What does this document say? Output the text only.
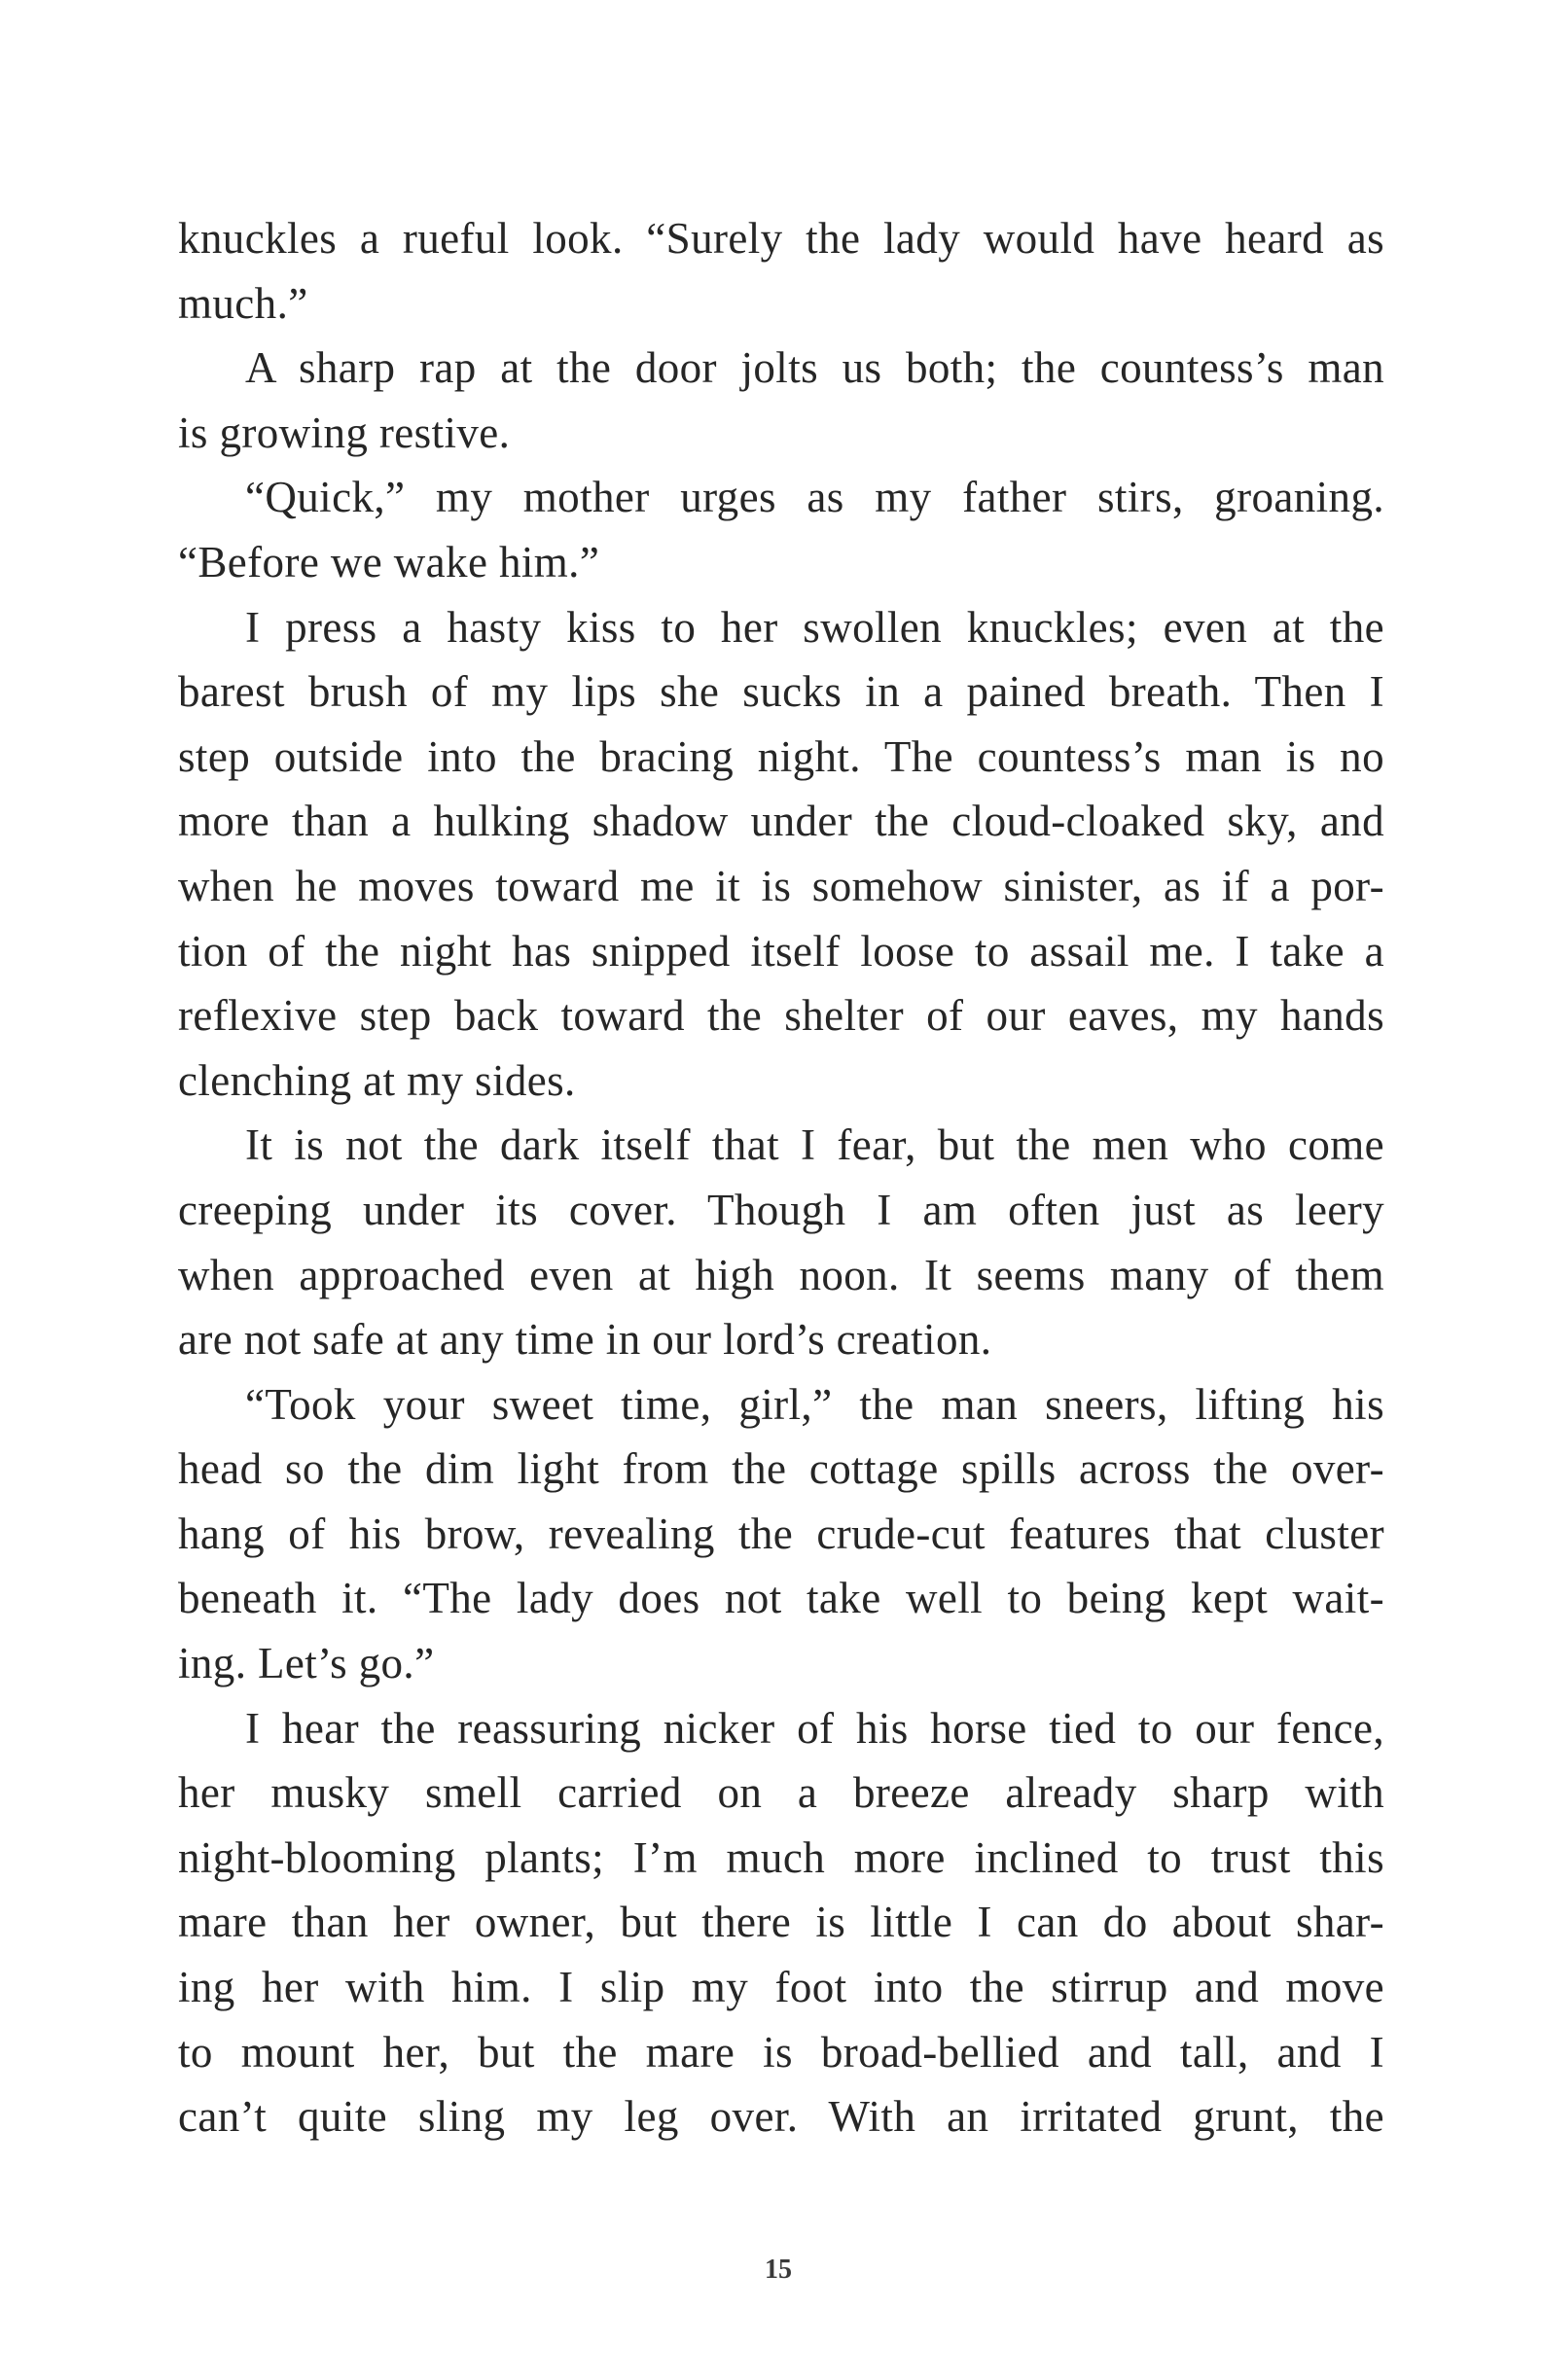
knuckles a rueful look. “Surely the lady would have heard as
much.”
A sharp rap at the door jolts us both; the countess’s man
is growing restive.
“Quick,” my mother urges as my father stirs, groaning.
“Before we wake him.”
I press a hasty kiss to her swollen knuckles; even at the
barest brush of my lips she sucks in a pained breath. Then I
step outside into the bracing night. The countess’s man is no
more than a hulking shadow under the cloud-cloaked sky, and
when he moves toward me it is somehow sinister, as if a por-
tion of the night has snipped itself loose to assail me. I take a
reflexive step back toward the shelter of our eaves, my hands
clenching at my sides.
It is not the dark itself that I fear, but the men who come
creeping under its cover. Though I am often just as leery
when approached even at high noon. It seems many of them
are not safe at any time in our lord’s creation.
“Took your sweet time, girl,” the man sneers, lifting his
head so the dim light from the cottage spills across the over-
hang of his brow, revealing the crude-cut features that cluster
beneath it. “The lady does not take well to being kept wait-
ing. Let’s go.”
I hear the reassuring nicker of his horse tied to our fence,
her musky smell carried on a breeze already sharp with
night-blooming plants; I’m much more inclined to trust this
mare than her owner, but there is little I can do about shar-
ing her with him. I slip my foot into the stirrup and move
to mount her, but the mare is broad-bellied and tall, and I
can’t quite sling my leg over. With an irritated grunt, the
15
